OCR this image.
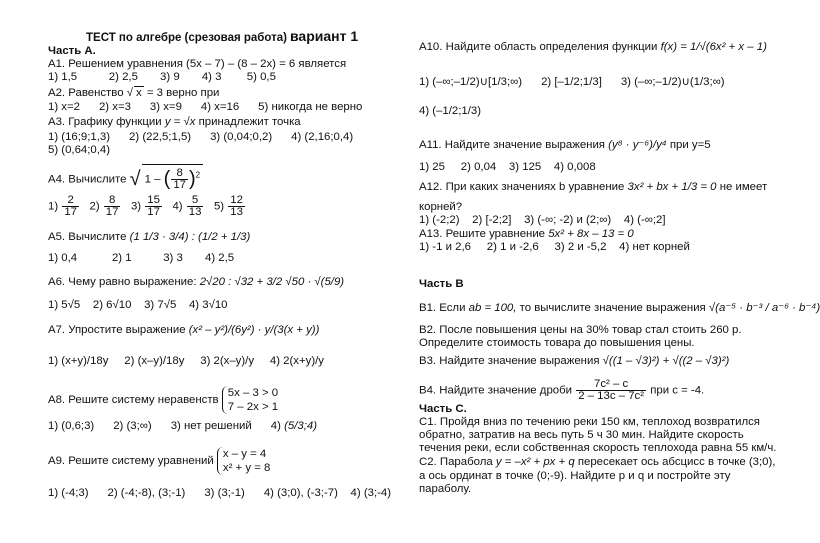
ТЕСТ по алгебре (срезовая работа) вариант 1
Часть А.
А1. Решением уравнения (5x – 7) – (8 – 2x) = 6 является
1) 1,5          2) 2,5       3) 9       4) 3        5) 0,5
А2. Равенство √ x = 3 верно при
1) x=2      2) x=3      3) x=9      4) x=16      5) никогда не верно
А3. Графику функции y = √x принадлежит точка
1) (16;9;1,3)      2) (22,5;1,5)      3) (0,04;0,2)      4) (2,16;0,4)
5) (0,64;0,4)
А4. Вычислите √ 1 – ( $\frac{8}{17} )^2$
$1) \frac{2}{17} 2) \frac{8}{17} 3) \frac{15}{17} 4) \frac{5}{13} 5) \frac{12}{13}$
А5. Вычислите (1 1/3 · 3/4) : (1/2 + 1/3)
1) 0,4           2) 1          3) 3       4) 2,5
А6. Чему равно выражение: 2√20 : √32 + 3/2 √50 · √(5/9)
1) 5√5    2) 6√10    3) 7√5    4) 3√10
А7. Упростите выражение (x² – y²)/(6y²) · y/(3(x + y))
1) (x+y)/18y     2) (x–y)/18y     3) 2(x–y)/y     4) 2(x+y)/y
А8. Решите систему неравенств
5x – 3 > 0
7 – 2x > 1
1) (0,6;3)      2) (3;∞)      3) нет решений      4) (5/3;4)
А9. Решите систему уравнений
x – y = 4
x² + y = 8
1) (-4;3)      2) (-4;-8), (3;-1)      3) (3;-1)      4) (3;0), (-3;-7)    4) (3;-4)
А10. Найдите область определения функции f(x) = 1/√(6x² + x – 1)
1) (–∞;–1/2)∪[1/3;∞)      2) [–1/2;1/3]      3) (–∞;–1/2)∪(1/3;∞)
4) (–1/2;1/3)
А11. Найдите значение выражения (y⁸ · y⁻⁶)/y⁴ при y=5
1) 25     2) 0,04    3) 125    4) 0,008
А12. При каких значениях b уравнение 3x² + bx + 1/3 = 0 не имеет
корней?
1) (-2;2)    2) [-2;2]    3) (-∞; -2) и (2;∞)    4) (-∞;2]
А13. Решите уравнение 5x² + 8x – 13 = 0
1) -1 и 2,6     2) 1 и -2,6     3) 2 и -5,2    4) нет корней
Часть В
В1. Если ab = 100, то вычислите значение выражения √(a⁻⁵ · b⁻³ / a⁻⁶ · b⁻⁴)
В2. После повышения цены на 30% товар стал стоить 260 р.
Определите стоимость товара до повышения цены.
В3. Найдите значение выражения √((1 – √3)²) + √((2 – √3)²)
В4. Найдите значение дроби $\frac{\text{7c² – c}}{\text{2 – 13c – 7c²}}$ при c = -4.
Часть С.
С1. Пройдя вниз по течению реки 150 км, теплоход возвратился
обратно, затратив на весь путь 5 ч 30 мин. Найдите скорость
течения реки, если собственная скорость теплохода равна 55 км/ч.
С2. Парабола y = –x² + px + q пересекает ось абсцисс в точке (3;0),
а ось ординат в точке (0;-9). Найдите p и q и постройте эту
параболу.
